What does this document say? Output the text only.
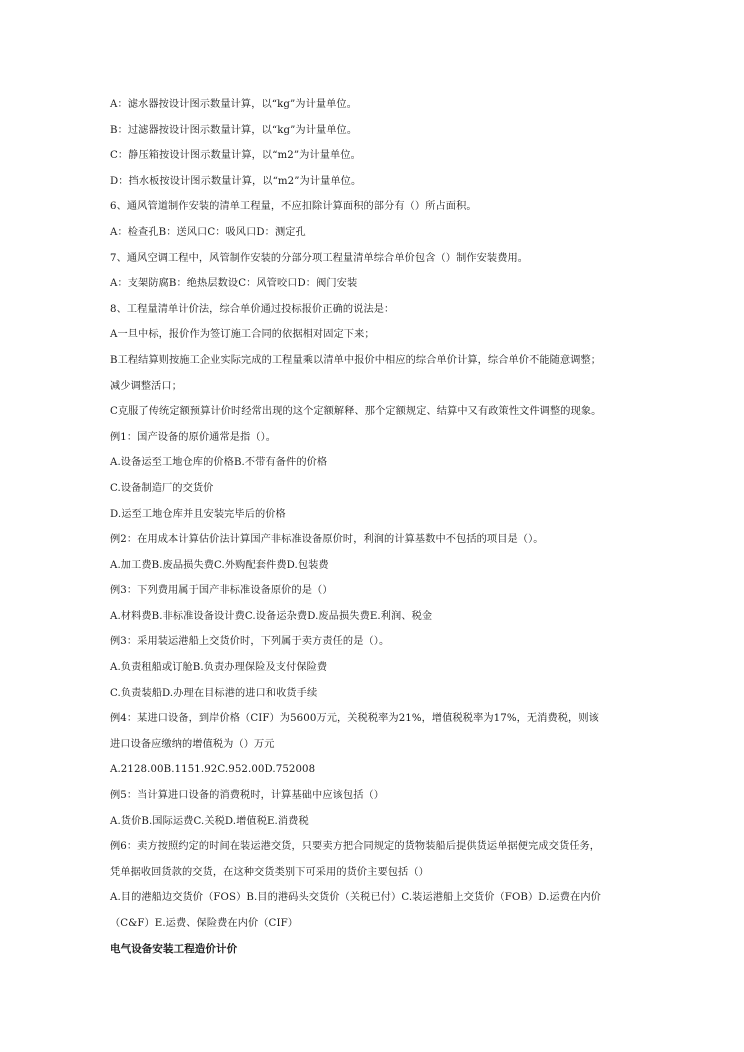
A：滤水器按设计图示数量计算，以“kg”为计量单位。
B：过滤器按设计图示数量计算，以“kg”为计量单位。
C：静压箱按设计图示数量计算，以“m2”为计量单位。
D：挡水板按设计图示数量计算，以“m2”为计量单位。
6、通风管道制作安装的清单工程量，不应扣除计算面积的部分有（）所占面积。
A：检查孔B：送风口C：吸风口D：测定孔
7、通风空调工程中，风管制作安装的分部分项工程量清单综合单价包含（）制作安装费用。
A：支架防腐B：绝热层数设C：风管咬口D：阀门安装
8、工程量清单计价法，综合单价通过投标报价正确的说法是：
A一旦中标，报价作为签订施工合同的依据相对固定下来；
B工程结算则按施工企业实际完成的工程量乘以清单中报价中相应的综合单价计算，综合单价不能随意调整；
减少调整活口；
C克服了传统定额预算计价时经常出现的这个定额解释、那个定额规定、结算中又有政策性文件调整的现象。
例1：国产设备的原价通常是指（）。
A.设备运至工地仓库的价格B.不带有备件的价格
C.设备制造厂的交货价
D.运至工地仓库并且安装完毕后的价格
例2：在用成本计算估价法计算国产非标准设备原价时，利润的计算基数中不包括的项目是（）。
A.加工费B.废品损失费C.外购配套件费D.包装费
例3：下列费用属于国产非标准设备原价的是（）
A.材料费B.非标准设备设计费C.设备运杂费D.废品损失费E.利润、税金
例3：采用装运港船上交货价时，下列属于卖方责任的是（）。
A.负责租船或订舱B.负责办理保险及支付保险费
C.负责装船D.办理在目标港的进口和收货手续
例4：某进口设备，到岸价格（CIF）为5600万元，关税税率为21%，增值税税率为17%，无消费税，则该
进口设备应缴纳的增值税为（）万元
A.2128.00B.1151.92C.952.00D.752008
例5：当计算进口设备的消费税时，计算基础中应该包括（）
A.货价B.国际运费C.关税D.增值税E.消费税
例6：卖方按照约定的时间在装运港交货，只要卖方把合同规定的货物装船后提供货运单据便完成交货任务，
凭单据收回货款的交货，在这种交货类别下可采用的货价主要包括（）
A.目的港船边交货价（FOS）B.目的港码头交货价（关税已付）C.装运港船上交货价（FOB）D.运费在内价
（C&F）E.运费、保险费在内价（CIF）
电气设备安装工程造价计价
